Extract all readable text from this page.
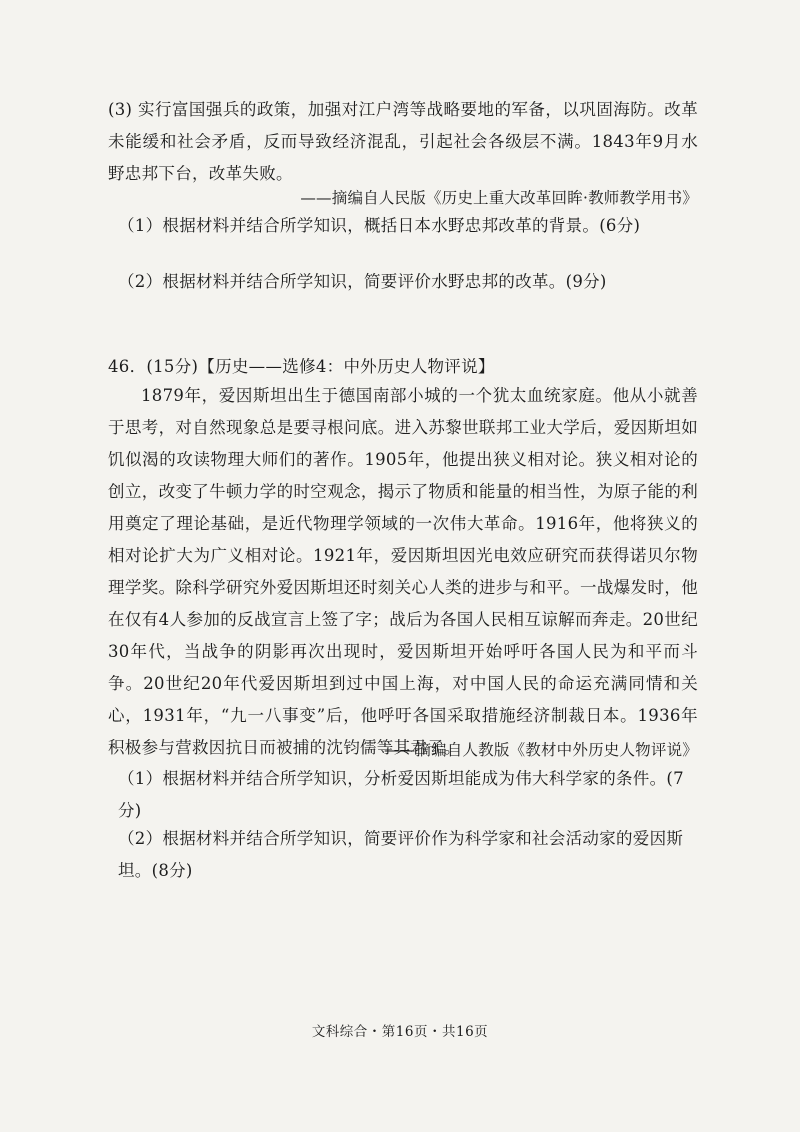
(3) 实行富国强兵的政策，加强对江户湾等战略要地的军备，以巩固海防。改革未能缓和社会矛盾，反而导致经济混乱，引起社会各级层不满。1843年9月水野忠邦下台，改革失败。
——摘编自人民版《历史上重大改革回眸·教师教学用书》
（1）根据材料并结合所学知识，概括日本水野忠邦改革的背景。(6分)
（2）根据材料并结合所学知识，简要评价水野忠邦的改革。(9分)
46．(15分)【历史——选修4：中外历史人物评说】
1879年，爱因斯坦出生于德国南部小城的一个犹太血统家庭。他从小就善于思考，对自然现象总是要寻根问底。进入苏黎世联邦工业大学后，爱因斯坦如饥似渴的攻读物理大师们的著作。1905年，他提出狭义相对论。狭义相对论的创立，改变了牛顿力学的时空观念，揭示了物质和能量的相当性，为原子能的利用奠定了理论基础，是近代物理学领域的一次伟大革命。1916年，他将狭义的相对论扩大为广义相对论。1921年，爱因斯坦因光电效应研究而获得诺贝尔物理学奖。除科学研究外爱因斯坦还时刻关心人类的进步与和平。一战爆发时，他在仅有4人参加的反战宣言上签了字；战后为各国人民相互谅解而奔走。20世纪30年代，当战争的阴影再次出现时，爱因斯坦开始呼吁各国人民为和平而斗争。20世纪20年代爱因斯坦到过中国上海，对中国人民的命运充满同情和关心，1931年，“九一八事变”后，他呼吁各国采取措施经济制裁日本。1936年积极参与营救因抗日而被捕的沈钧儒等其君子。
——摘编自人教版《教材中外历史人物评说》
（1）根据材料并结合所学知识，分析爱因斯坦能成为伟大科学家的条件。(7分)
（2）根据材料并结合所学知识，简要评价作为科学家和社会活动家的爱因斯坦。(8分)
文科综合・第16页・共16页
